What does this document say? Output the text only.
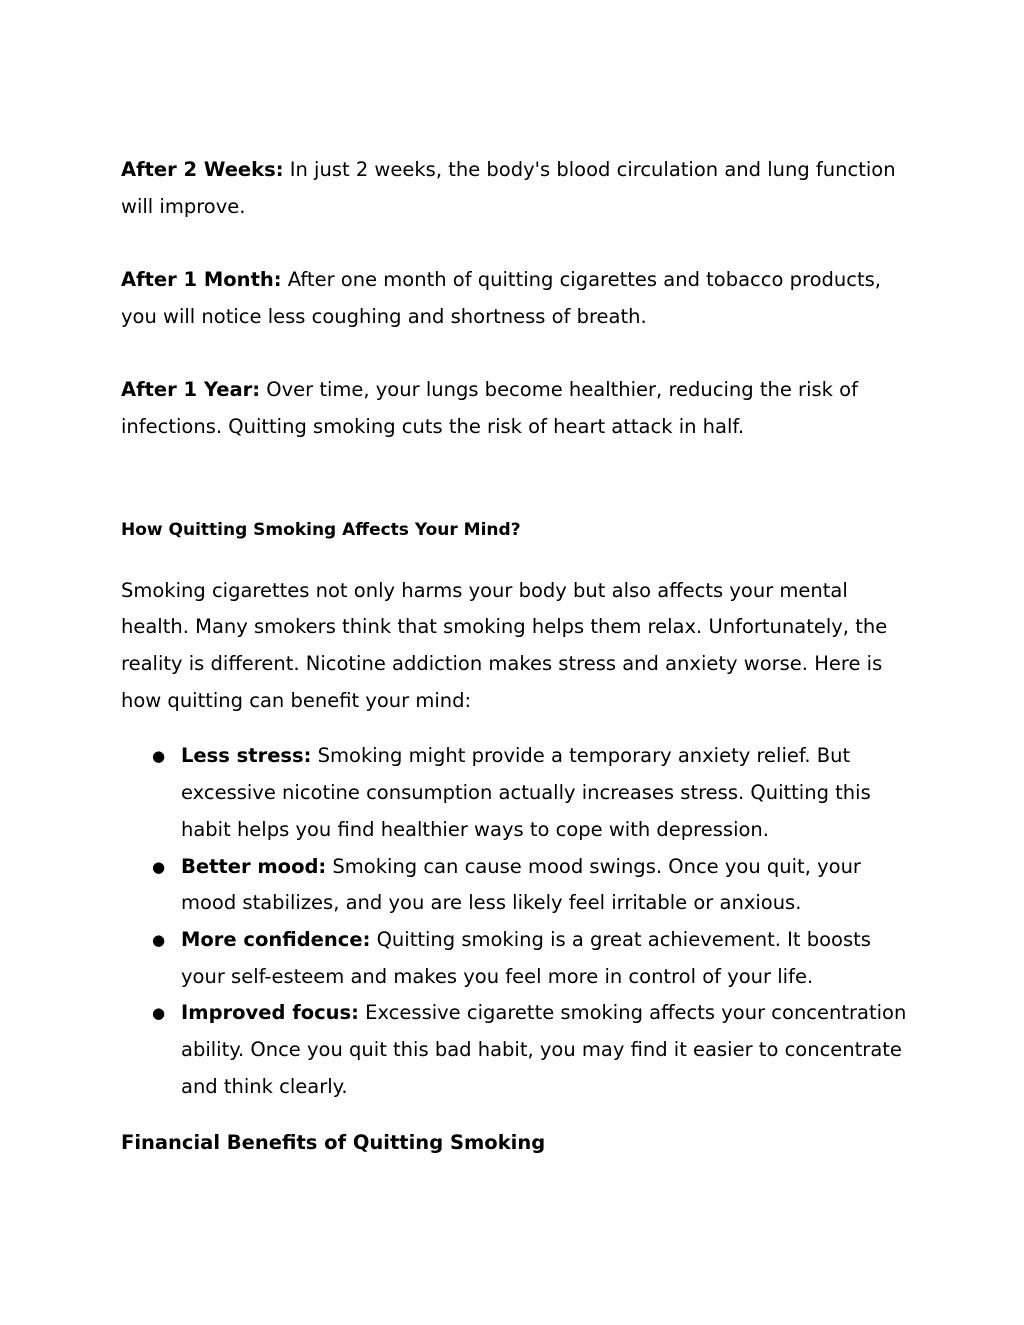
After 2 Weeks: In just 2 weeks, the body's blood circulation and lung function will improve.

After 1 Month: After one month of quitting cigarettes and tobacco products, you will notice less coughing and shortness of breath.

After 1 Year: Over time, your lungs become healthier, reducing the risk of infections. Quitting smoking cuts the risk of heart attack in half.

How Quitting Smoking Affects Your Mind?

Smoking cigarettes not only harms your body but also affects your mental health. Many smokers think that smoking helps them relax. Unfortunately, the reality is different. Nicotine addiction makes stress and anxiety worse. Here is how quitting can benefit your mind:

● Less stress: Smoking might provide a temporary anxiety relief. But excessive nicotine consumption actually increases stress. Quitting this habit helps you find healthier ways to cope with depression.
● Better mood: Smoking can cause mood swings. Once you quit, your mood stabilizes, and you are less likely feel irritable or anxious.
● More confidence: Quitting smoking is a great achievement. It boosts your self-esteem and makes you feel more in control of your life.
● Improved focus: Excessive cigarette smoking affects your concentration ability. Once you quit this bad habit, you may find it easier to concentrate and think clearly.
Financial Benefits of Quitting Smoking
